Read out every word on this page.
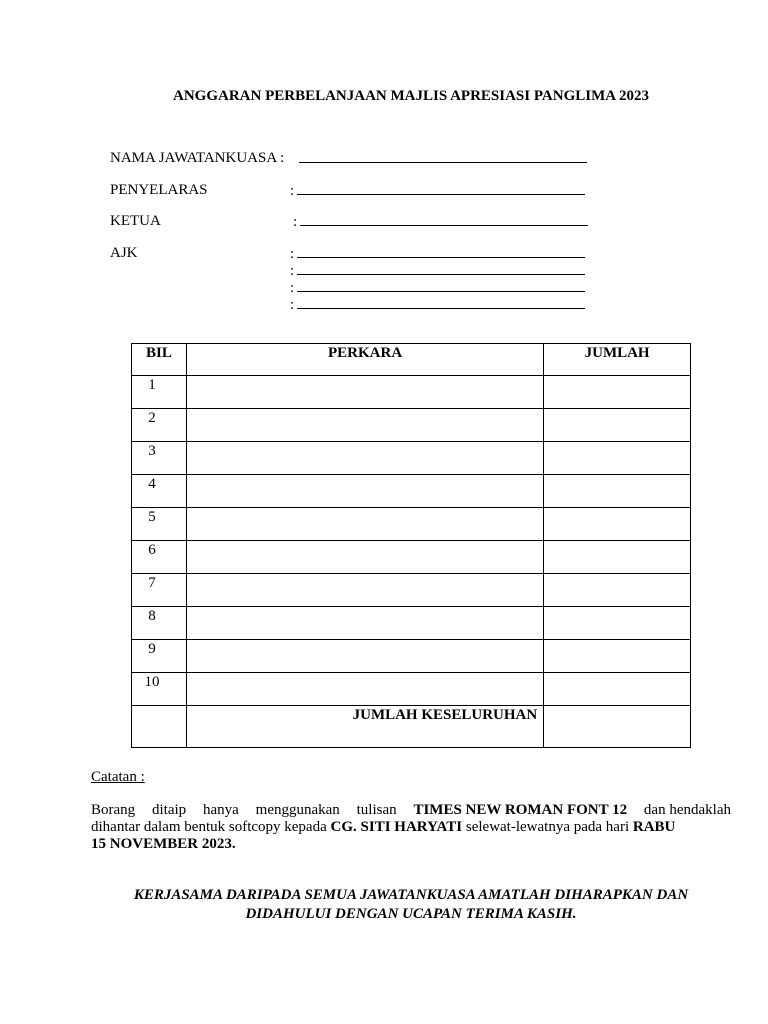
ANGGARAN PERBELANJAAN MAJLIS APRESIASI PANGLIMA 2023
NAMA JAWATANKUASA :
PENYELARAS	:
KETUA	:
AJK	:
:
:
:
BIL	PERKARA	JUMLAH
1		
2		
3		
4		
5		
6		
7		
8		
9		
10		
	JUMLAH KESELURUHAN	
Catatan :
Borang ditaip hanya menggunakan tulisan TIMES NEW ROMAN FONT 12 dan hendaklah
dihantar dalam bentuk softcopy kepada CG. SITI HARYATI selewat-lewatnya pada hari RABU
15 NOVEMBER 2023.
KERJASAMA DARIPADA SEMUA JAWATANKUASA AMATLAH DIHARAPKAN DAN
DIDAHULUI DENGAN UCAPAN TERIMA KASIH.
